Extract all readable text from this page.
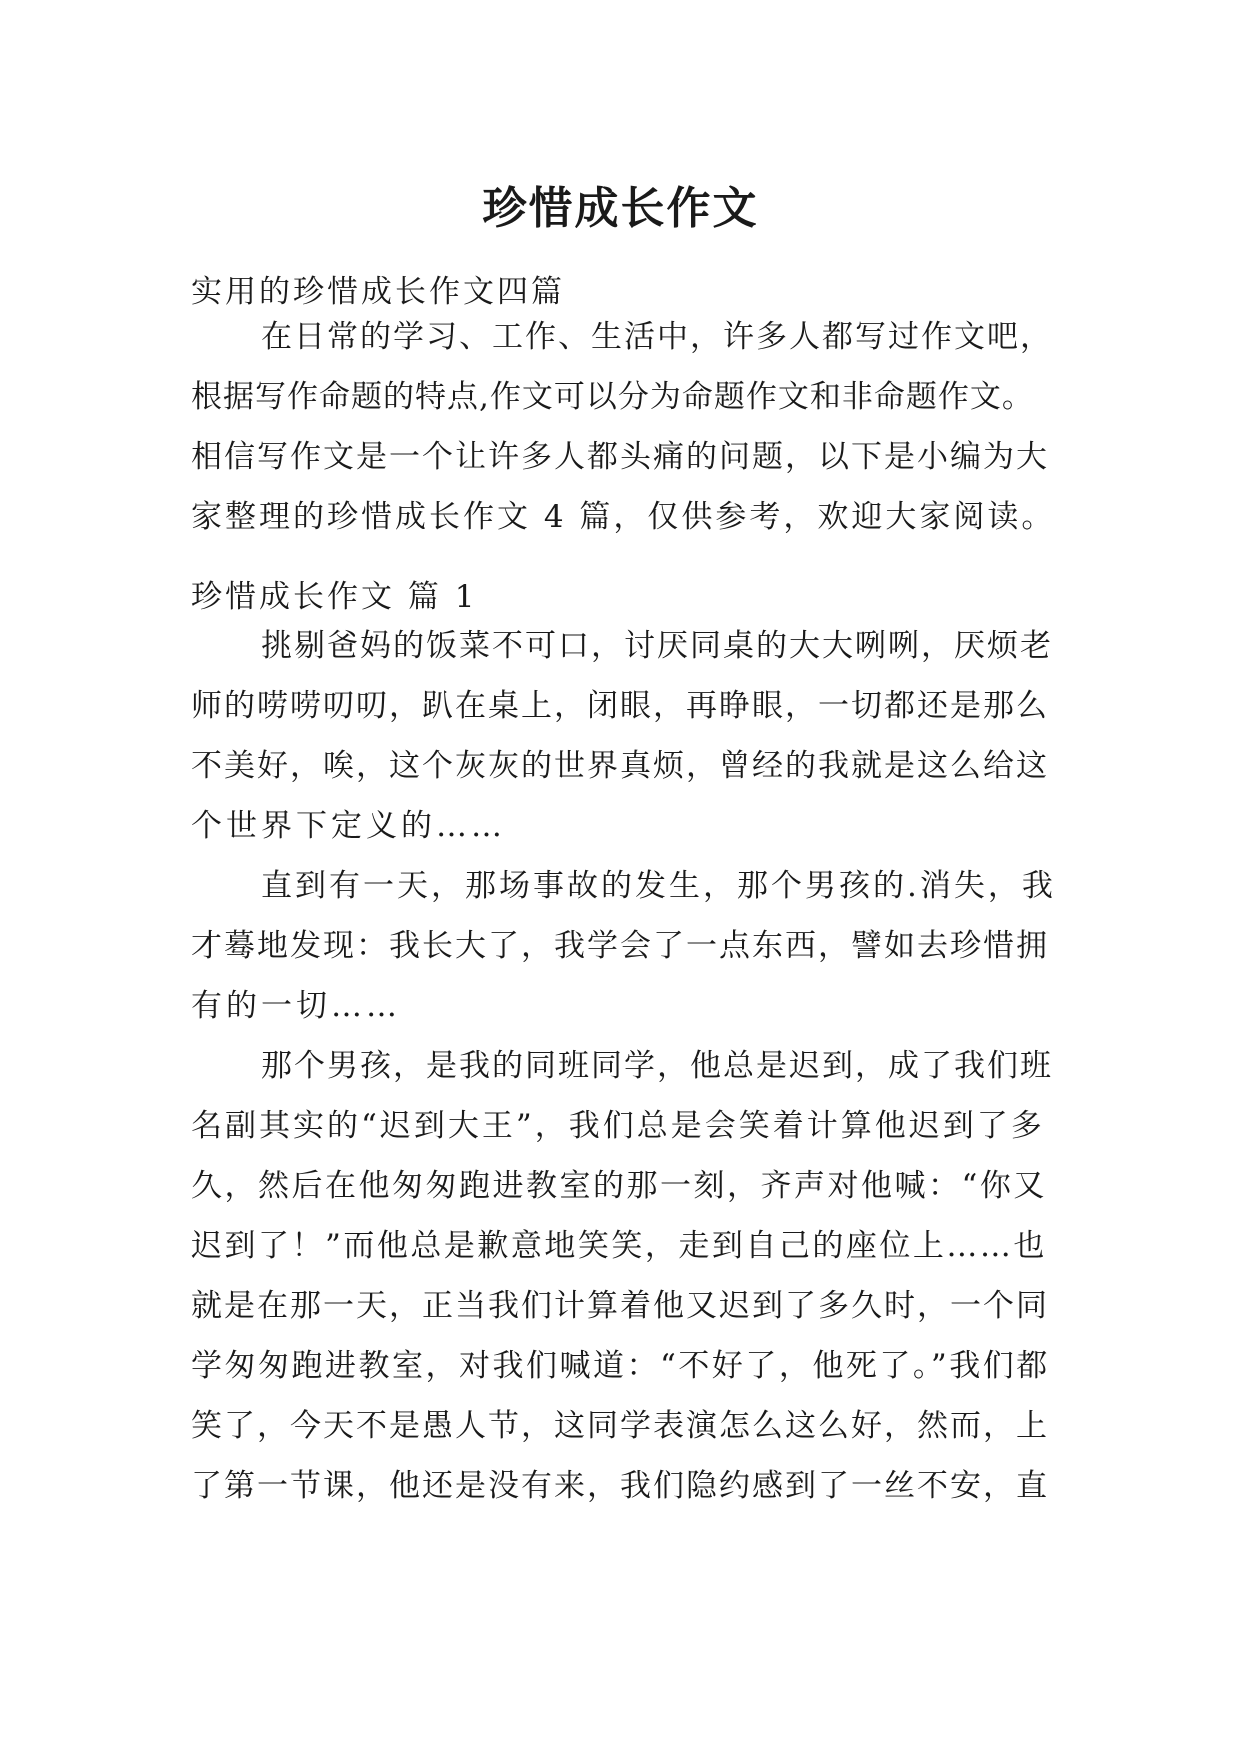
珍惜成长作文

实用的珍惜成长作文四篇

在日常的学习、工作、生活中，许多人都写过作文吧，
根据写作命题的特点,作文可以分为命题作文和非命题作文。
相信写作文是一个让许多人都头痛的问题，以下是小编为大
家整理的珍惜成长作文 4 篇，仅供参考，欢迎大家阅读。

珍惜成长作文 篇 1

挑剔爸妈的饭菜不可口，讨厌同桌的大大咧咧，厌烦老
师的唠唠叨叨，趴在桌上，闭眼，再睁眼，一切都还是那么
不美好，唉，这个灰灰的世界真烦，曾经的我就是这么给这
个世界下定义的……

直到有一天，那场事故的发生，那个男孩的.消失，我
才蓦地发现：我长大了，我学会了一点东西，譬如去珍惜拥
有的一切……

那个男孩，是我的同班同学，他总是迟到，成了我们班
名副其实的“迟到大王”，我们总是会笑着计算他迟到了多
久，然后在他匆匆跑进教室的那一刻，齐声对他喊：“你又
迟到了！”而他总是歉意地笑笑，走到自己的座位上……也
就是在那一天，正当我们计算着他又迟到了多久时，一个同
学匆匆跑进教室，对我们喊道：“不好了，他死了。”我们都
笑了，今天不是愚人节，这同学表演怎么这么好，然而，上
了第一节课，他还是没有来，我们隐约感到了一丝不安，直
